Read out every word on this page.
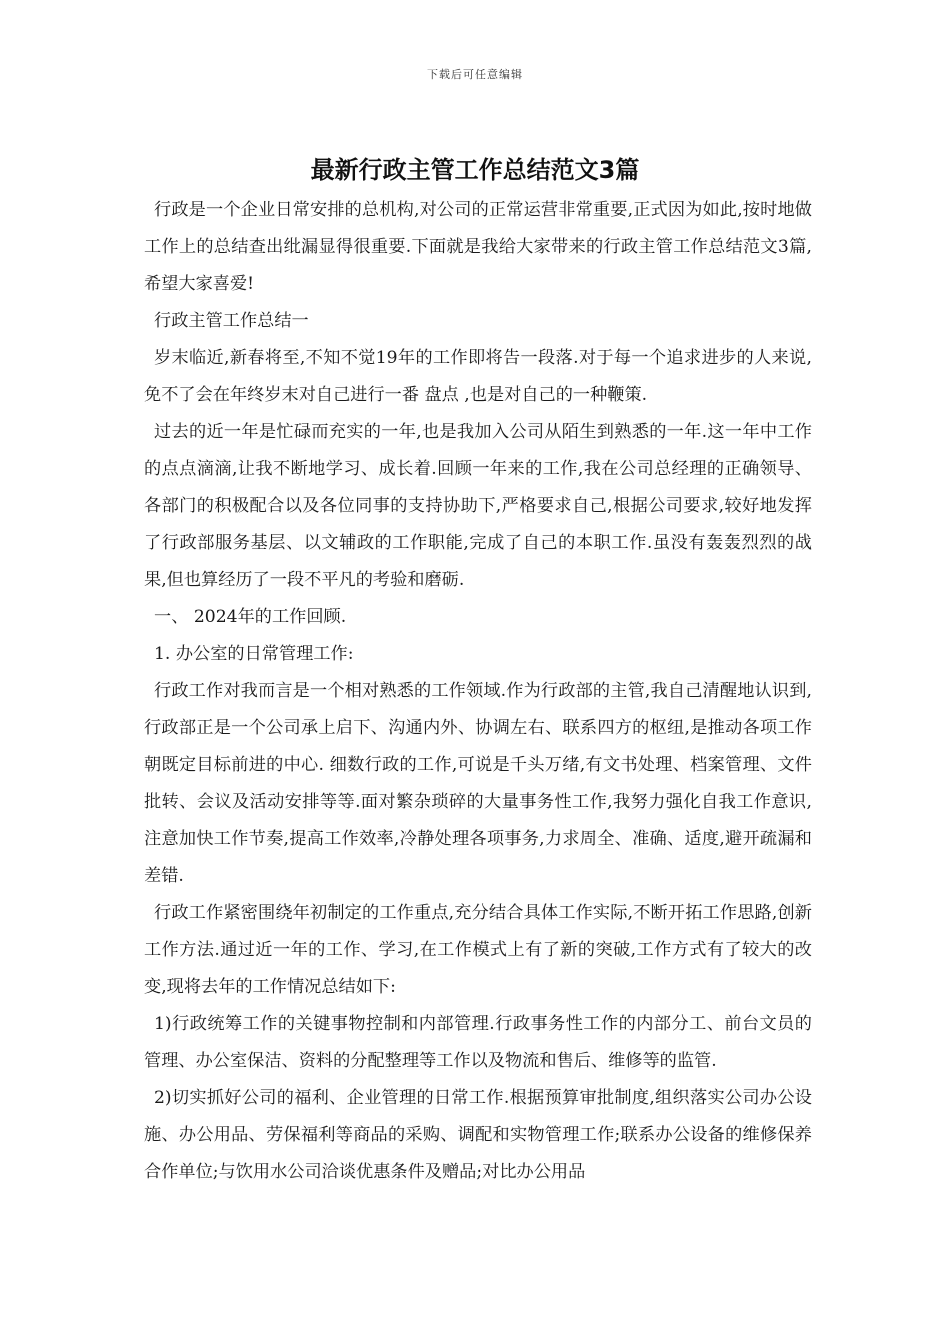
下载后可任意编辑
最新行政主管工作总结范文3篇

行政是一个企业日常安排的总机构,对公司的正常运营非常重要,正式因为如此,按时地做工作上的总结查出纰漏显得很重要.下面就是我给大家带来的行政主管工作总结范文3篇,希望大家喜爱!

行政主管工作总结一

岁末临近,新春将至,不知不觉19年的工作即将告一段落.对于每一个追求进步的人来说,免不了会在年终岁末对自己进行一番 盘点 ,也是对自己的一种鞭策.

过去的近一年是忙碌而充实的一年,也是我加入公司从陌生到熟悉的一年.这一年中工作的点点滴滴,让我不断地学习、成长着.回顾一年来的工作,我在公司总经理的正确领导、各部门的积极配合以及各位同事的支持协助下,严格要求自己,根据公司要求,较好地发挥了行政部服务基层、以文辅政的工作职能,完成了自己的本职工作.虽没有轰轰烈烈的战果,但也算经历了一段不平凡的考验和磨砺.

一、 2024年的工作回顾.

1. 办公室的日常管理工作:

行政工作对我而言是一个相对熟悉的工作领域.作为行政部的主管,我自己清醒地认识到,行政部正是一个公司承上启下、沟通内外、协调左右、联系四方的枢纽,是推动各项工作朝既定目标前进的中心. 细数行政的工作,可说是千头万绪,有文书处理、档案管理、文件批转、会议及活动安排等等.面对繁杂琐碎的大量事务性工作,我努力强化自我工作意识,注意加快工作节奏,提高工作效率,冷静处理各项事务,力求周全、准确、适度,避开疏漏和差错.

行政工作紧密围绕年初制定的工作重点,充分结合具体工作实际,不断开拓工作思路,创新工作方法.通过近一年的工作、学习,在工作模式上有了新的突破,工作方式有了较大的改变,现将去年的工作情况总结如下:

1)行政统筹工作的关键事物控制和内部管理.行政事务性工作的内部分工、前台文员的管理、办公室保洁、资料的分配整理等工作以及物流和售后、维修等的监管.

2)切实抓好公司的福利、企业管理的日常工作.根据预算审批制度,组织落实公司办公设施、办公用品、劳保福利等商品的采购、调配和实物管理工作;联系办公设备的维修保养合作单位;与饮用水公司洽谈优惠条件及赠品;对比办公用品
